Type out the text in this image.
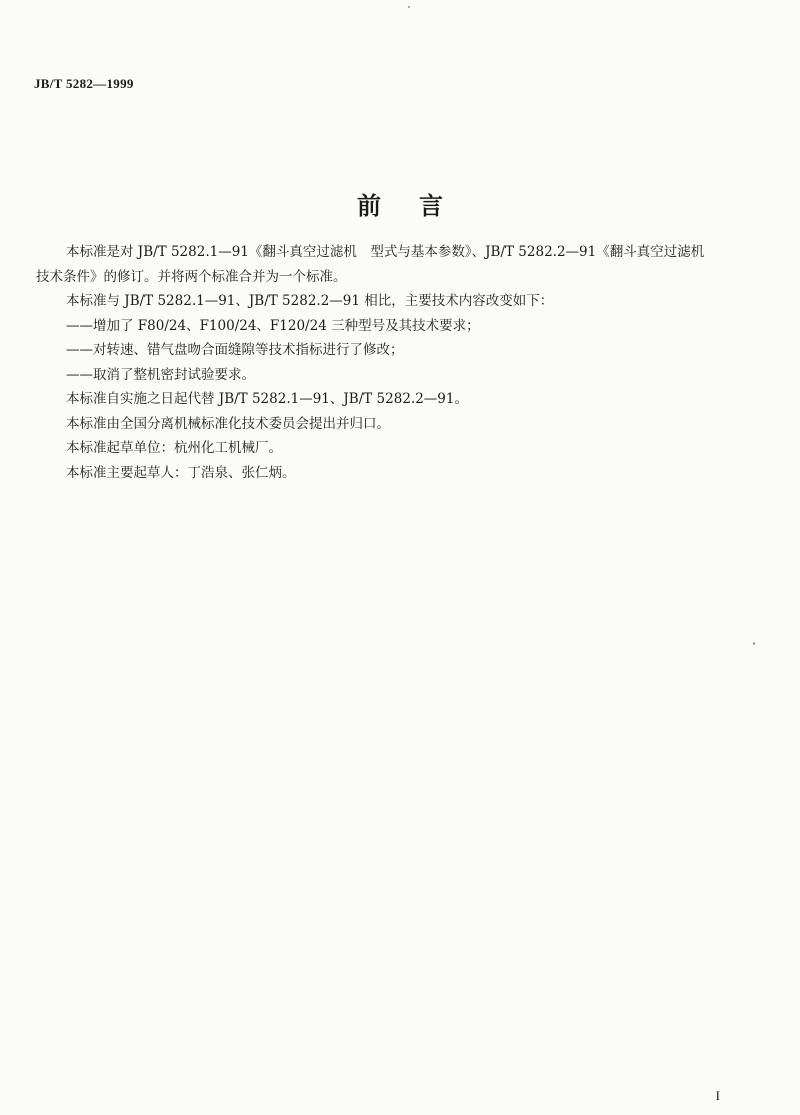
JB/T 5282—1999
前言

本标准是对 JB/T 5282.1—91《翻斗真空过滤机　型式与基本参数》、JB/T 5282.2—91《翻斗真空过滤机　技术条件》的修订。并将两个标准合并为一个标准。

本标准与 JB/T 5282.1—91、JB/T 5282.2—91 相比，主要技术内容改变如下：

——增加了 F80/24、F100/24、F120/24 三种型号及其技术要求；

——对转速、错气盘吻合面缝隙等技术指标进行了修改；

——取消了整机密封试验要求。

本标准自实施之日起代替 JB/T 5282.1—91、JB/T 5282.2—91。

本标准由全国分离机械标准化技术委员会提出并归口。

本标准起草单位：杭州化工机械厂。

本标准主要起草人：丁浩泉、张仁炳。

I
